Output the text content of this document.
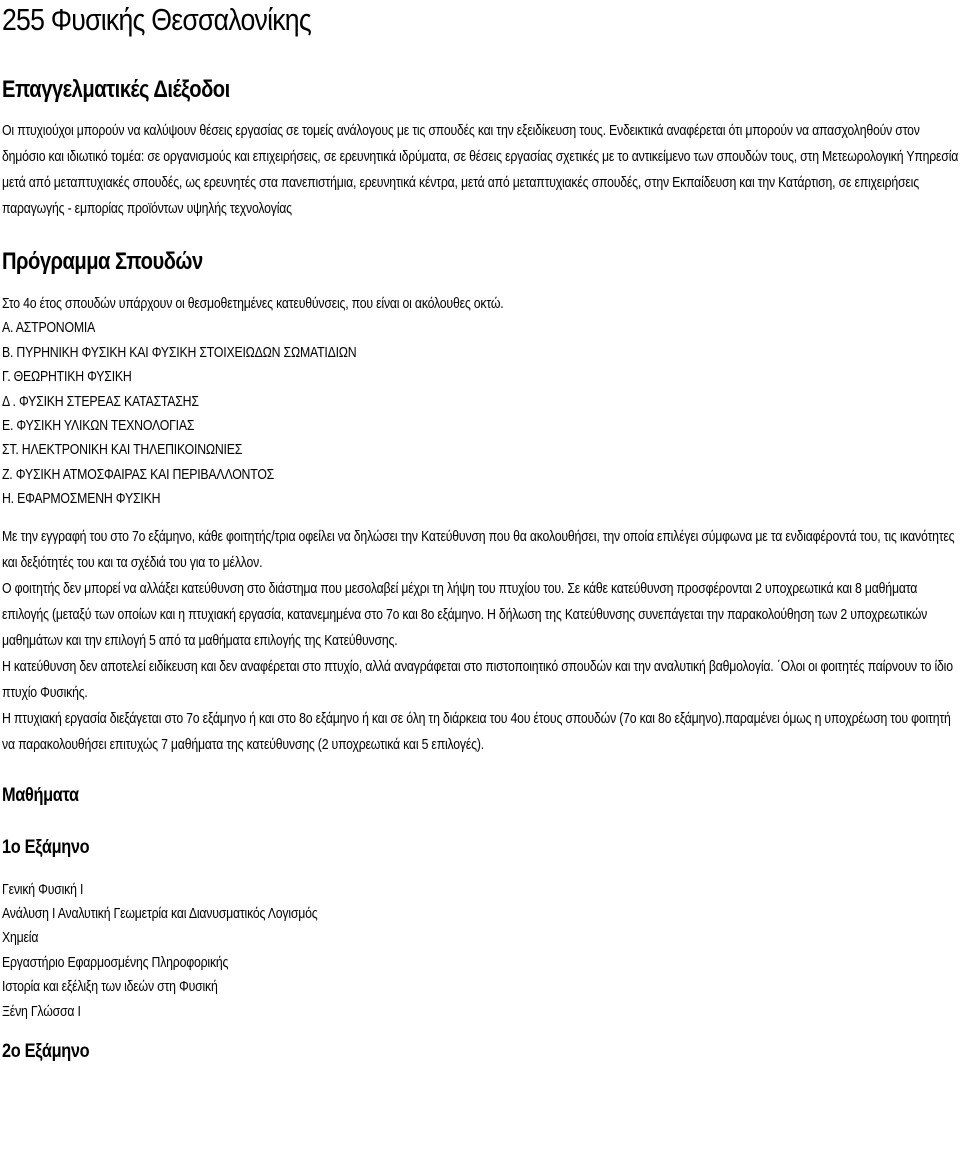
255 Φυσικής Θεσσαλονίκης
Επαγγελματικές Διέξοδοι

Οι πτυχιούχοι μπορούν να καλύψουν θέσεις εργασίας σε τομείς ανάλογους με τις σπουδές και την εξειδίκευση τους. Ενδεικτικά αναφέρεται ότι μπορούν να απασχοληθούν στον δημόσιο και ιδιωτικό τομέα: σε οργανισμούς και επιχειρήσεις, σε ερευνητικά ιδρύματα, σε θέσεις εργασίας σχετικές με το αντικείμενο των σπουδών τους, στη Μετεωρολογική Υπηρεσία μετά από μεταπτυχιακές σπουδές, ως ερευνητές στα πανεπιστήμια, ερευνητικά κέντρα, μετά από μεταπτυχιακές σπουδές, στην Εκπαίδευση και την Κατάρτιση, σε επιχειρήσεις παραγωγής - εμπορίας προϊόντων υψηλής τεχνολογίας

Πρόγραμμα Σπουδών

Στο 4ο έτος σπουδών υπάρχουν οι θεσμοθετημένες κατευθύνσεις, που είναι οι ακόλουθες οκτώ.

Α. ΑΣΤΡΟΝΟΜΙΑ

Β. ΠΥΡΗΝΙΚΗ ΦΥΣΙΚΗ ΚΑΙ ΦΥΣΙΚΗ ΣΤΟΙΧΕΙΩΔΩΝ ΣΩΜΑΤΙΔΙΩΝ

Γ. ΘΕΩΡΗΤΙΚΗ ΦΥΣΙΚΗ

Δ . ΦΥΣΙΚΗ ΣΤΕΡΕΑΣ ΚΑΤΑΣΤΑΣΗΣ

Ε. ΦΥΣΙΚΗ ΥΛΙΚΩΝ ΤΕΧΝΟΛΟΓΙΑΣ

ΣΤ. ΗΛΕΚΤΡΟΝΙΚΗ ΚΑΙ ΤΗΛΕΠΙΚΟΙΝΩΝΙΕΣ

Ζ. ΦΥΣΙΚΗ ΑΤΜΟΣΦΑΙΡΑΣ ΚΑΙ ΠΕΡΙΒΑΛΛΟΝΤΟΣ

Η. ΕΦΑΡΜΟΣΜΕΝΗ ΦΥΣΙΚΗ

Με την εγγραφή του στο 7ο εξάμηνο, κάθε φοιτητής/τρια οφείλει να δηλώσει την Κατεύθυνση που θα ακολουθήσει, την οποία επιλέγει σύμφωνα με τα ενδιαφέροντά του, τις ικανότητες και δεξιότητές του και τα σχέδιά του για το μέλλον.

Ο φοιτητής δεν μπορεί να αλλάξει κατεύθυνση στο διάστημα που μεσολαβεί μέχρι τη λήψη του πτυχίου του. Σε κάθε κατεύθυνση προσφέρονται 2 υποχρεωτικά και 8 μαθήματα επιλογής (μεταξύ των οποίων και η πτυχιακή εργασία, κατανεμημένα στο 7ο και 8ο εξάμηνο. Η δήλωση της Κατεύθυνσης συνεπάγεται την παρακολούθηση των 2 υποχρεωτικών μαθημάτων και την επιλογή 5 από τα μαθήματα επιλογής της Κατεύθυνσης.

Η κατεύθυνση δεν αποτελεί ειδίκευση και δεν αναφέρεται στο πτυχίο, αλλά αναγράφεται στο πιστοποιητικό σπουδών και την αναλυτική βαθμολογία. ΄Ολοι οι φοιτητές παίρνουν το ίδιο πτυχίο Φυσικής.

Η πτυχιακή εργασία διεξάγεται στο 7ο εξάμηνο ή και στο 8ο εξάμηνο ή και σε όλη τη διάρκεια του 4ου έτους σπουδών (7ο και 8ο εξάμηνο).παραμένει όμως η υποχρέωση του φοιτητή να παρακολουθήσει επιτυχώς 7 μαθήματα της κατεύθυνσης (2 υποχρεωτικά και 5 επιλογές).

Μαθήματα
1ο Εξάμηνο

Γενική Φυσική Ι

Ανάλυση Ι Αναλυτική Γεωμετρία και Διανυσματικός Λογισμός

Χημεία

Εργαστήριο Εφαρμοσμένης Πληροφορικής

Ιστορία και εξέλιξη των ιδεών στη Φυσική

Ξένη Γλώσσα Ι

2ο Εξάμηνο
